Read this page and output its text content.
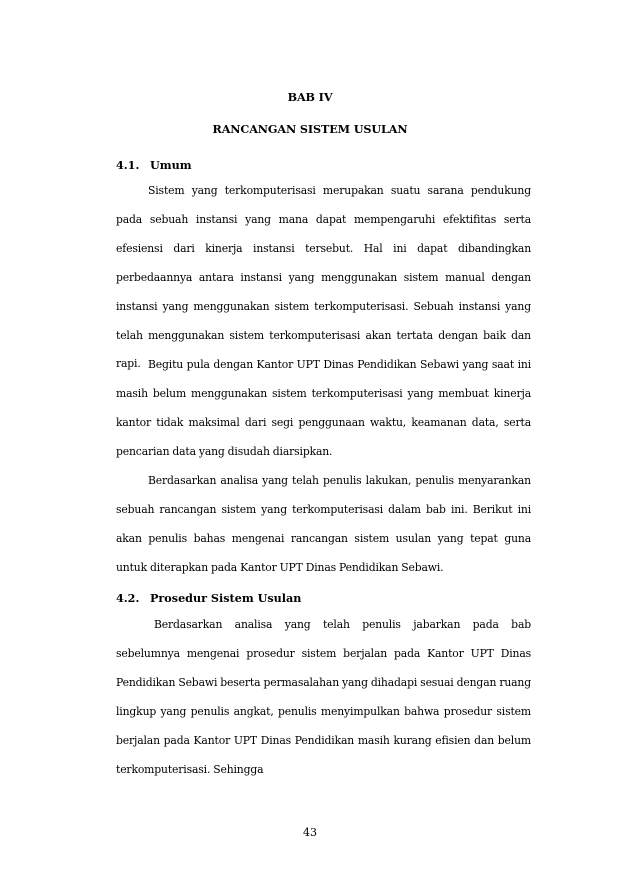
BAB IV
RANCANGAN SISTEM USULAN
4.1. Umum

Sistem yang terkomputerisasi merupakan suatu sarana pendukung pada sebuah instansi yang mana dapat mempengaruhi efektifitas serta efesiensi dari kinerja instansi tersebut. Hal ini dapat dibandingkan perbedaannya antara instansi yang menggunakan sistem manual dengan instansi yang menggunakan sistem terkomputerisasi. Sebuah instansi yang telah menggunakan sistem terkomputerisasi akan tertata dengan baik dan rapi. Begitu pula dengan Kantor UPT Dinas Pendidikan Sebawi yang saat ini masih belum menggunakan sistem terkomputerisasi yang membuat kinerja kantor tidak maksimal dari segi penggunaan waktu, keamanan data, serta pencarian data yang disudah diarsipkan.

Berdasarkan analisa yang telah penulis lakukan, penulis menyarankan sebuah rancangan sistem yang terkomputerisasi dalam bab ini. Berikut ini akan penulis bahas mengenai rancangan sistem usulan yang tepat guna untuk diterapkan pada Kantor UPT Dinas Pendidikan Sebawi.

4.2. Prosedur Sistem Usulan

Berdasarkan analisa yang telah penulis jabarkan pada bab sebelumnya mengenai prosedur sistem berjalan pada Kantor UPT Dinas Pendidikan Sebawi beserta permasalahan yang dihadapi sesuai dengan ruang lingkup yang penulis angkat, penulis menyimpulkan bahwa prosedur sistem berjalan pada Kantor UPT Dinas Pendidikan masih kurang efisien dan belum terkomputerisasi. Sehingga

43
